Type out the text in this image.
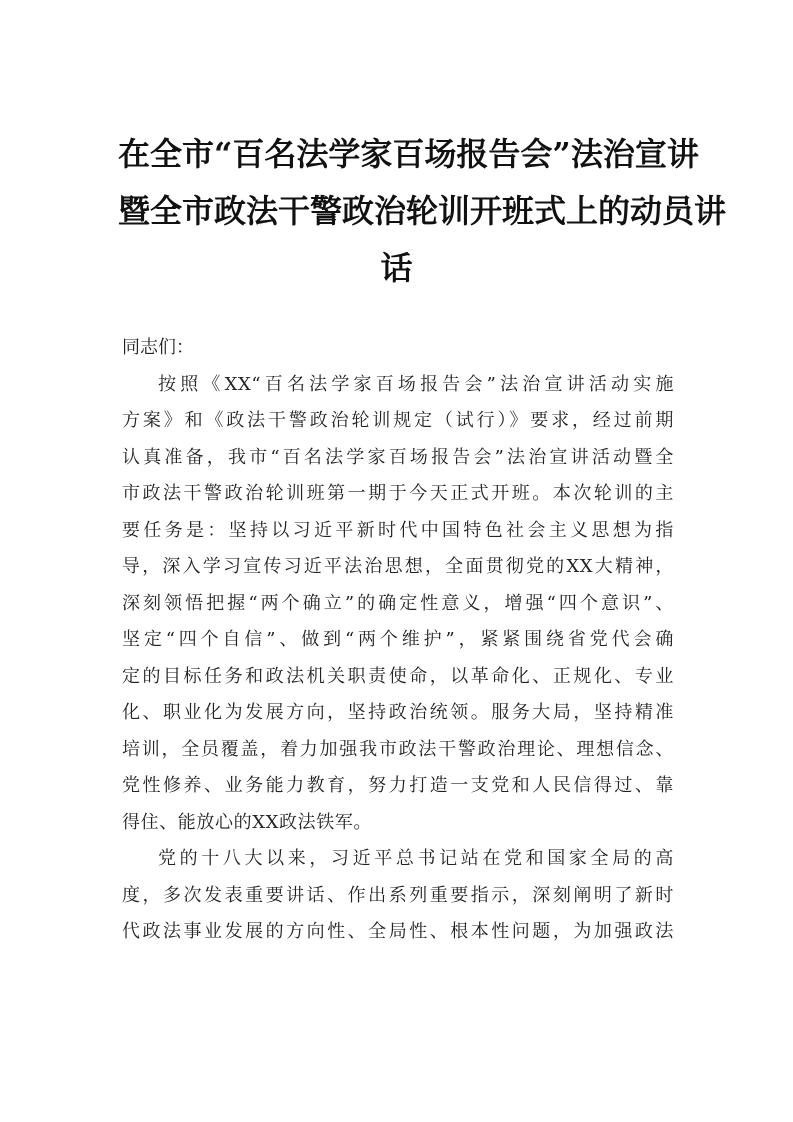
在全市“百名法学家百场报告会”法治宣讲
暨全市政法干警政治轮训开班式上的动员讲
话

同志们：

按照《XX“百名法学家百场报告会”法治宣讲活动实施
方案》和《政法干警政治轮训规定（试行）》要求，经过前期
认真准备，我市“百名法学家百场报告会”法治宣讲活动暨全
市政法干警政治轮训班第一期于今天正式开班。本次轮训的主
要任务是：坚持以习近平新时代中国特色社会主义思想为指
导，深入学习宣传习近平法治思想，全面贯彻党的XX大精神，
深刻领悟把握“两个确立”的确定性意义，增强“四个意识”、
坚定“四个自信”、做到“两个维护”，紧紧围绕省党代会确
定的目标任务和政法机关职责使命，以革命化、正规化、专业
化、职业化为发展方向，坚持政治统领。服务大局，坚持精准
培训，全员覆盖，着力加强我市政法干警政治理论、理想信念、
党性修养、业务能力教育，努力打造一支党和人民信得过、靠
得住、能放心的XX政法铁军。

党的十八大以来，习近平总书记站在党和国家全局的高
度，多次发表重要讲话、作出系列重要指示，深刻阐明了新时
代政法事业发展的方向性、全局性、根本性问题，为加强政法
